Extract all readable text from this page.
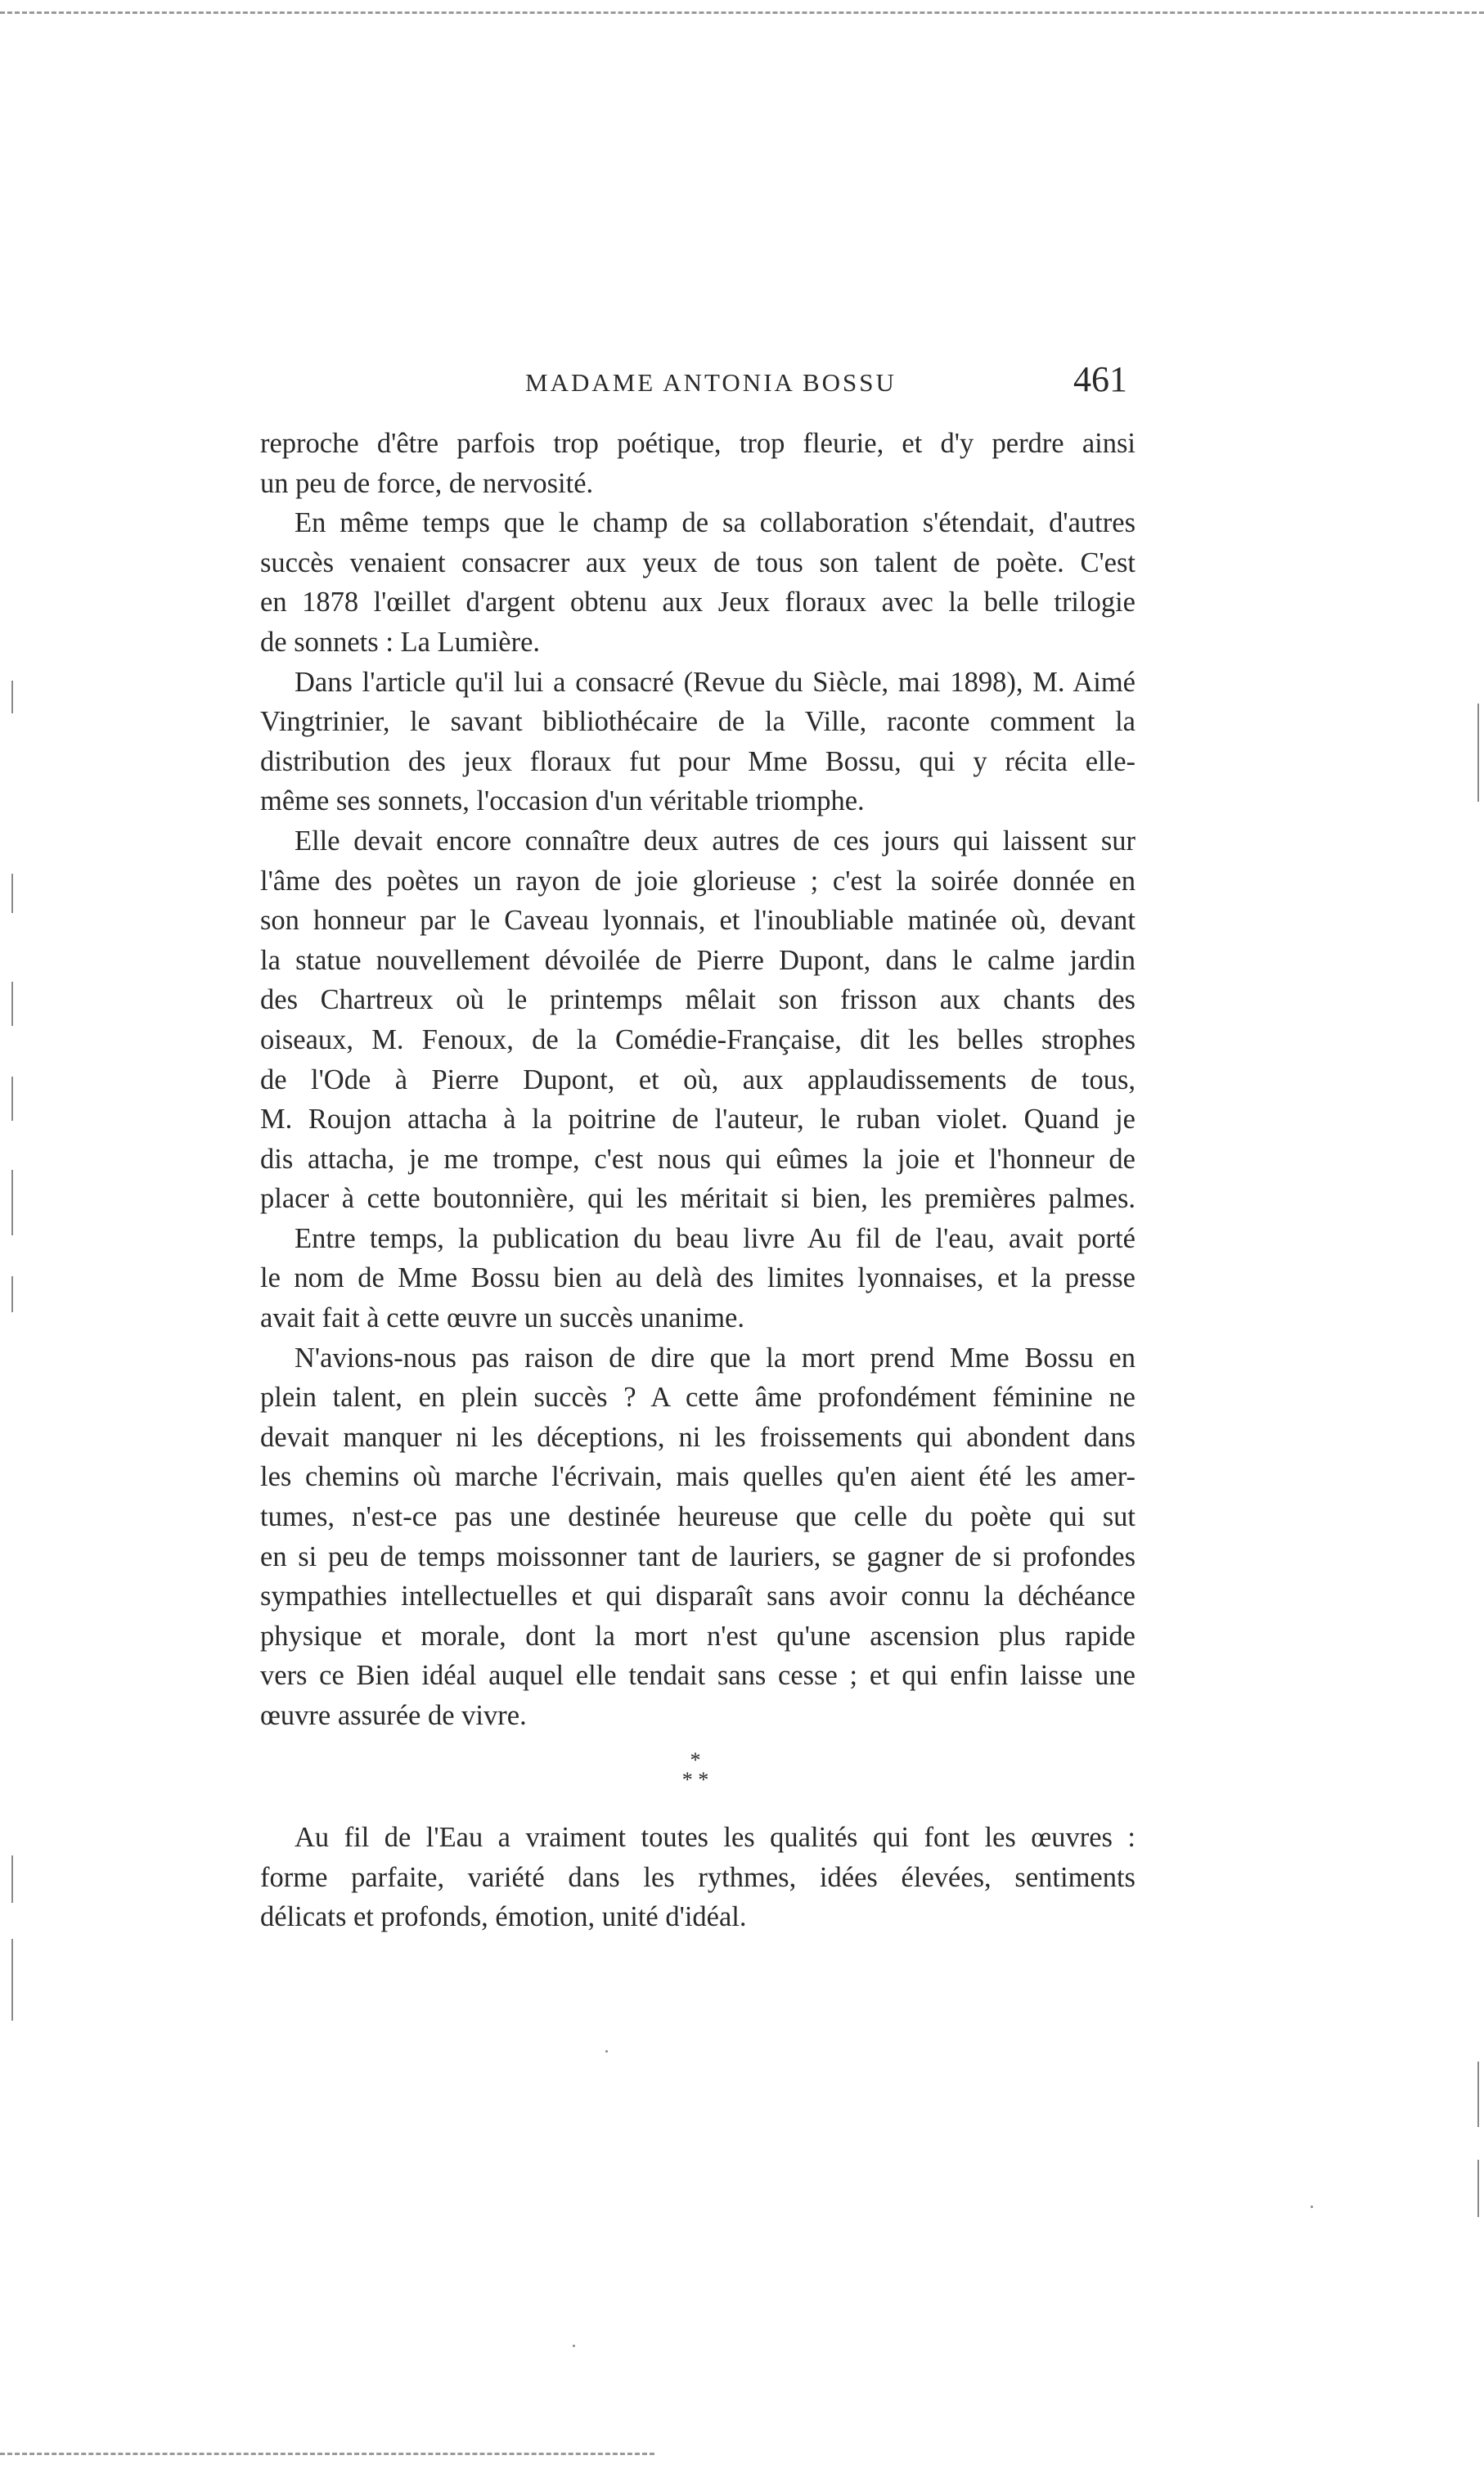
MADAME ANTONIA BOSSU	461
reproche d'être parfois trop poétique, trop fleurie, et d'y perdre ainsi
un peu de force, de nervosité.
En même temps que le champ de sa collaboration s'étendait, d'autres
succès venaient consacrer aux yeux de tous son talent de poète. C'est
en 1878 l'œillet d'argent obtenu aux Jeux floraux avec la belle trilogie
de sonnets : La Lumière.
Dans l'article qu'il lui a consacré (Revue du Siècle, mai 1898), M. Aimé
Vingtrinier, le savant bibliothécaire de la Ville, raconte comment la
distribution des jeux floraux fut pour Mme Bossu, qui y récita elle-
même ses sonnets, l'occasion d'un véritable triomphe.
Elle devait encore connaître deux autres de ces jours qui laissent sur
l'âme des poètes un rayon de joie glorieuse ; c'est la soirée donnée en
son honneur par le Caveau lyonnais, et l'inoubliable matinée où, devant
la statue nouvellement dévoilée de Pierre Dupont, dans le calme jardin
des Chartreux où le printemps mêlait son frisson aux chants des
oiseaux, M. Fenoux, de la Comédie-Française, dit les belles strophes
de l'Ode à Pierre Dupont, et où, aux applaudissements de tous,
M. Roujon attacha à la poitrine de l'auteur, le ruban violet. Quand je
dis attacha, je me trompe, c'est nous qui eûmes la joie et l'honneur de
placer à cette boutonnière, qui les méritait si bien, les premières palmes.
Entre temps, la publication du beau livre Au fil de l'eau, avait porté
le nom de Mme Bossu bien au delà des limites lyonnaises, et la presse
avait fait à cette œuvre un succès unanime.
N'avions-nous pas raison de dire que la mort prend Mme Bossu en
plein talent, en plein succès ? A cette âme profondément féminine ne
devait manquer ni les déceptions, ni les froissements qui abondent dans
les chemins où marche l'écrivain, mais quelles qu'en aient été les amer-
tumes, n'est-ce pas une destinée heureuse que celle du poète qui sut
en si peu de temps moissonner tant de lauriers, se gagner de si profondes
sympathies intellectuelles et qui disparaît sans avoir connu la déchéance
physique et morale, dont la mort n'est qu'une ascension plus rapide
vers ce Bien idéal auquel elle tendait sans cesse ; et qui enfin laisse une
œuvre assurée de vivre.
*
* *
Au fil de l'Eau a vraiment toutes les qualités qui font les œuvres :
forme parfaite, variété dans les rythmes, idées élevées, sentiments
délicats et profonds, émotion, unité d'idéal.
